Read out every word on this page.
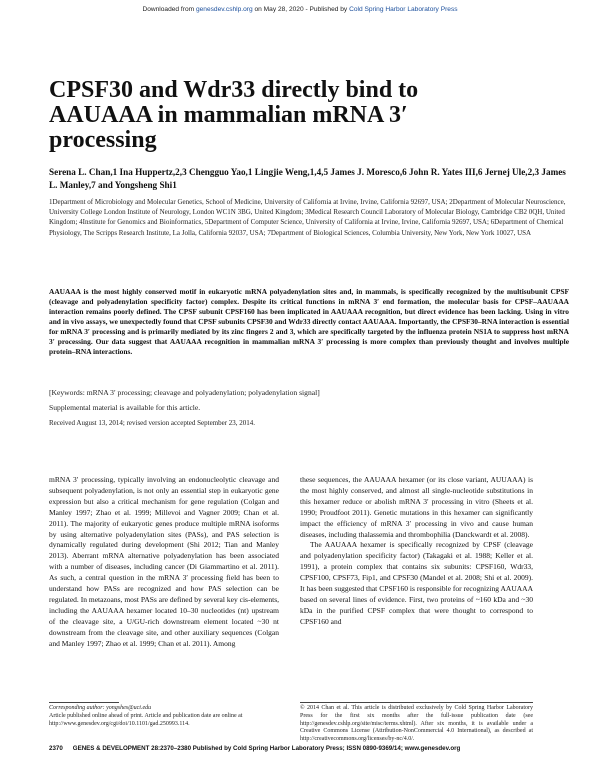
Downloaded from genesdev.cshlp.org on May 28, 2020 - Published by Cold Spring Harbor Laboratory Press
CPSF30 and Wdr33 directly bind to AAUAAA in mammalian mRNA 3′ processing
Serena L. Chan,1 Ina Huppertz,2,3 Chengguo Yao,1 Lingjie Weng,1,4,5 James J. Moresco,6 John R. Yates III,6 Jernej Ule,2,3 James L. Manley,7 and Yongsheng Shi1
1Department of Microbiology and Molecular Genetics, School of Medicine, University of California at Irvine, Irvine, California 92697, USA; 2Department of Molecular Neuroscience, University College London Institute of Neurology, London WC1N 3BG, United Kingdom; 3Medical Research Council Laboratory of Molecular Biology, Cambridge CB2 0QH, United Kingdom; 4Institute for Genomics and Bioinformatics, 5Department of Computer Science, University of California at Irvine, Irvine, California 92697, USA; 6Department of Chemical Physiology, The Scripps Research Institute, La Jolla, California 92037, USA; 7Department of Biological Sciences, Columbia University, New York, New York 10027, USA
AAUAAA is the most highly conserved motif in eukaryotic mRNA polyadenylation sites and, in mammals, is specifically recognized by the multisubunit CPSF (cleavage and polyadenylation specificity factor) complex. Despite its critical functions in mRNA 3′ end formation, the molecular basis for CPSF–AAUAAA interaction remains poorly defined. The CPSF subunit CPSF160 has been implicated in AAUAAA recognition, but direct evidence has been lacking. Using in vitro and in vivo assays, we unexpectedly found that CPSF subunits CPSF30 and Wdr33 directly contact AAUAAA. Importantly, the CPSF30–RNA interaction is essential for mRNA 3′ processing and is primarily mediated by its zinc fingers 2 and 3, which are specifically targeted by the influenza protein NS1A to suppress host mRNA 3′ processing. Our data suggest that AAUAAA recognition in mammalian mRNA 3′ processing is more complex than previously thought and involves multiple protein–RNA interactions.
[Keywords: mRNA 3′ processing; cleavage and polyadenylation; polyadenylation signal]
Supplemental material is available for this article.
Received August 13, 2014; revised version accepted September 23, 2014.

mRNA 3′ processing, typically involving an endonucleolytic cleavage and subsequent polyadenylation, is not only an essential step in eukaryotic gene expression but also a critical mechanism for gene regulation (Colgan and Manley 1997; Zhao et al. 1999; Millevoi and Vagner 2009; Chan et al. 2011). The majority of eukaryotic genes produce multiple mRNA isoforms by using alternative polyadenylation sites (PASs), and PAS selection is dynamically regulated during development (Shi 2012; Tian and Manley 2013). Aberrant mRNA alternative polyadenylation has been associated with a number of diseases, including cancer (Di Giammartino et al. 2011). As such, a central question in the mRNA 3′ processing field has been to understand how PASs are recognized and how PAS selection can be regulated. In metazoans, most PASs are defined by several key cis-elements, including the AAUAAA hexamer located 10–30 nucleotides (nt) upstream of the cleavage site, a U/GU-rich downstream element located ~30 nt downstream from the cleavage site, and other auxiliary sequences (Colgan and Manley 1997; Zhao et al. 1999; Chan et al. 2011). Among

these sequences, the AAUAAA hexamer (or its close variant, AUUAAA) is the most highly conserved, and almost all single-nucleotide substitutions in this hexamer reduce or abolish mRNA 3′ processing in vitro (Sheets et al. 1990; Proudfoot 2011). Genetic mutations in this hexamer can significantly impact the efficiency of mRNA 3′ processing in vivo and cause human diseases, including thalassemia and thrombophilia (Danckwardt et al. 2008).

The AAUAAA hexamer is specifically recognized by CPSF (cleavage and polyadenylation specificity factor) (Takagaki et al. 1988; Keller et al. 1991), a protein complex that contains six subunits: CPSF160, Wdr33, CPSF100, CPSF73, Fip1, and CPSF30 (Mandel et al. 2008; Shi et al. 2009). It has been suggested that CPSF160 is responsible for recognizing AAUAAA based on several lines of evidence. First, two proteins of ~160 kDa and ~30 kDa in the purified CPSF complex that were thought to correspond to CPSF160 and

Corresponding author: yongshes@uci.edu
Article published online ahead of print. Article and publication date are online at http://www.genesdev.org/cgi/doi/10.1101/gad.250993.114.
© 2014 Chan et al. This article is distributed exclusively by Cold Spring Harbor Laboratory Press for the first six months after the full-issue publication date (see http://genesdev.cshlp.org/site/misc/terms.xhtml). After six months, it is available under a Creative Commons License (Attribution-NonCommercial 4.0 International), as described at http://creativecommons.org/licenses/by-nc/4.0/.
2370 GENES & DEVELOPMENT 28:2370–2380 Published by Cold Spring Harbor Laboratory Press; ISSN 0890-9369/14; www.genesdev.org
